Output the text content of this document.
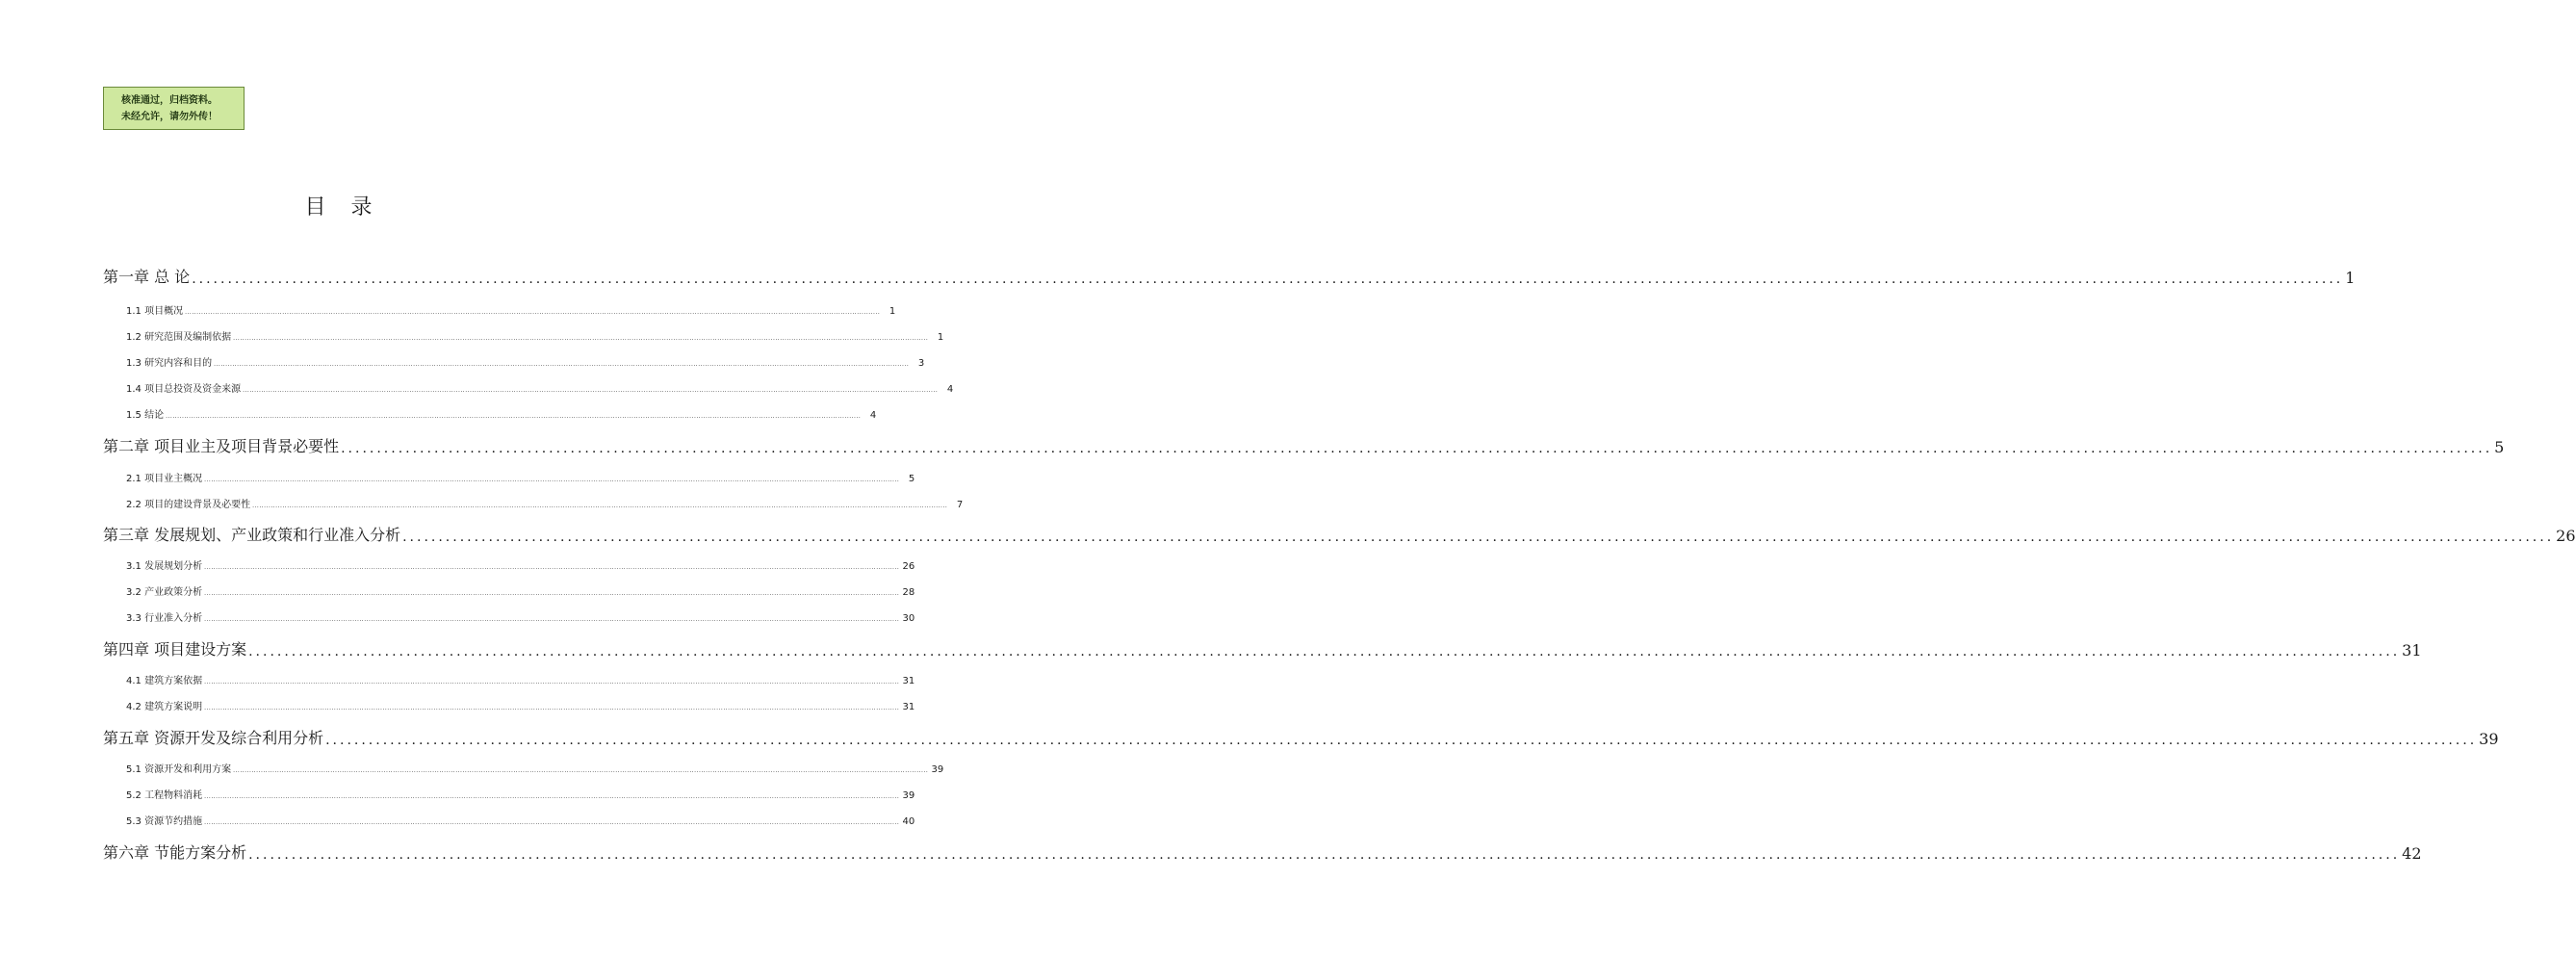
核准通过，归档资料。
未经允许，请勿外传！
目录
第一章 总 论 ............................................................................................................................................................................................................................................................................................................ 1
1.1 项目概况 ............................................................................................................................................................................................................................................................................................................ 1
1.2 研究范围及编制依据 ............................................................................................................................................................................................................................................................................................................ 1
1.3 研究内容和目的 ............................................................................................................................................................................................................................................................................................................ 3
1.4 项目总投资及资金来源 ............................................................................................................................................................................................................................................................................................................ 4
1.5 结论 ............................................................................................................................................................................................................................................................................................................ 4
第二章 项目业主及项目背景必要性 ............................................................................................................................................................................................................................................................................................................ 5
2.1 项目业主概况 ............................................................................................................................................................................................................................................................................................................ 5
2.2 项目的建设背景及必要性 ............................................................................................................................................................................................................................................................................................................ 7
第三章 发展规划、产业政策和行业准入分析 ............................................................................................................................................................................................................................................................................................................ 26
3.1 发展规划分析 ............................................................................................................................................................................................................................................................................................................ 26
3.2 产业政策分析 ............................................................................................................................................................................................................................................................................................................ 28
3.3 行业准入分析 ............................................................................................................................................................................................................................................................................................................ 30
第四章 项目建设方案 ............................................................................................................................................................................................................................................................................................................ 31
4.1 建筑方案依据 ............................................................................................................................................................................................................................................................................................................ 31
4.2 建筑方案说明 ............................................................................................................................................................................................................................................................................................................ 31
第五章 资源开发及综合利用分析 ............................................................................................................................................................................................................................................................................................................ 39
5.1 资源开发和利用方案 ............................................................................................................................................................................................................................................................................................................ 39
5.2 工程物料消耗 ............................................................................................................................................................................................................................................................................................................ 39
5.3 资源节约措施 ............................................................................................................................................................................................................................................................................................................ 40
第六章 节能方案分析 ............................................................................................................................................................................................................................................................................................................ 42
